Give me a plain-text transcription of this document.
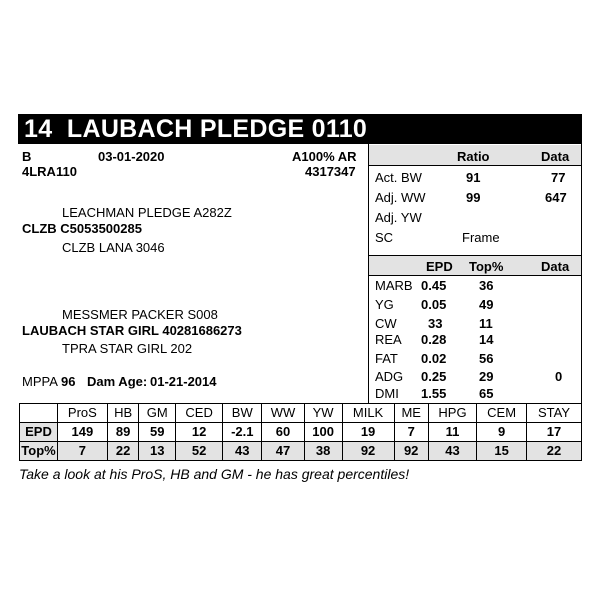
14  LAUBACH PLEDGE 0110
B	03-01-2020	A100% AR
4LRA110	4317347
LEACHMAN PLEDGE A282Z
CLZB C5053500285
CLZB LANA 3046
MESSMER PACKER S008
LAUBACH STAR GIRL 40281686273
TPRA STAR GIRL 202
MPPA 96 Dam Age: 01-21-2014
Ratio	Data
Act. BW	91	77
Adj. WW	99	647
Adj. YW
SC	Frame
EPD Top%	Data
MARB 0.45	36
YG 0.05	49
CW 33	11
REA 0.28	14
FAT 0.02	56
ADG 0.25	29	0
DMI 1.55	65
	ProS	HB	GM	CED	BW	WW	YW	MILK	ME	HPG	CEM	STAY
EPD	149	89	59	12	-2.1	60	100	19	7	11	9	17
Top%	7	22	13	52	43	47	38	92	92	43	15	22
Take a look at his ProS, HB and GM - he has great percentiles!
